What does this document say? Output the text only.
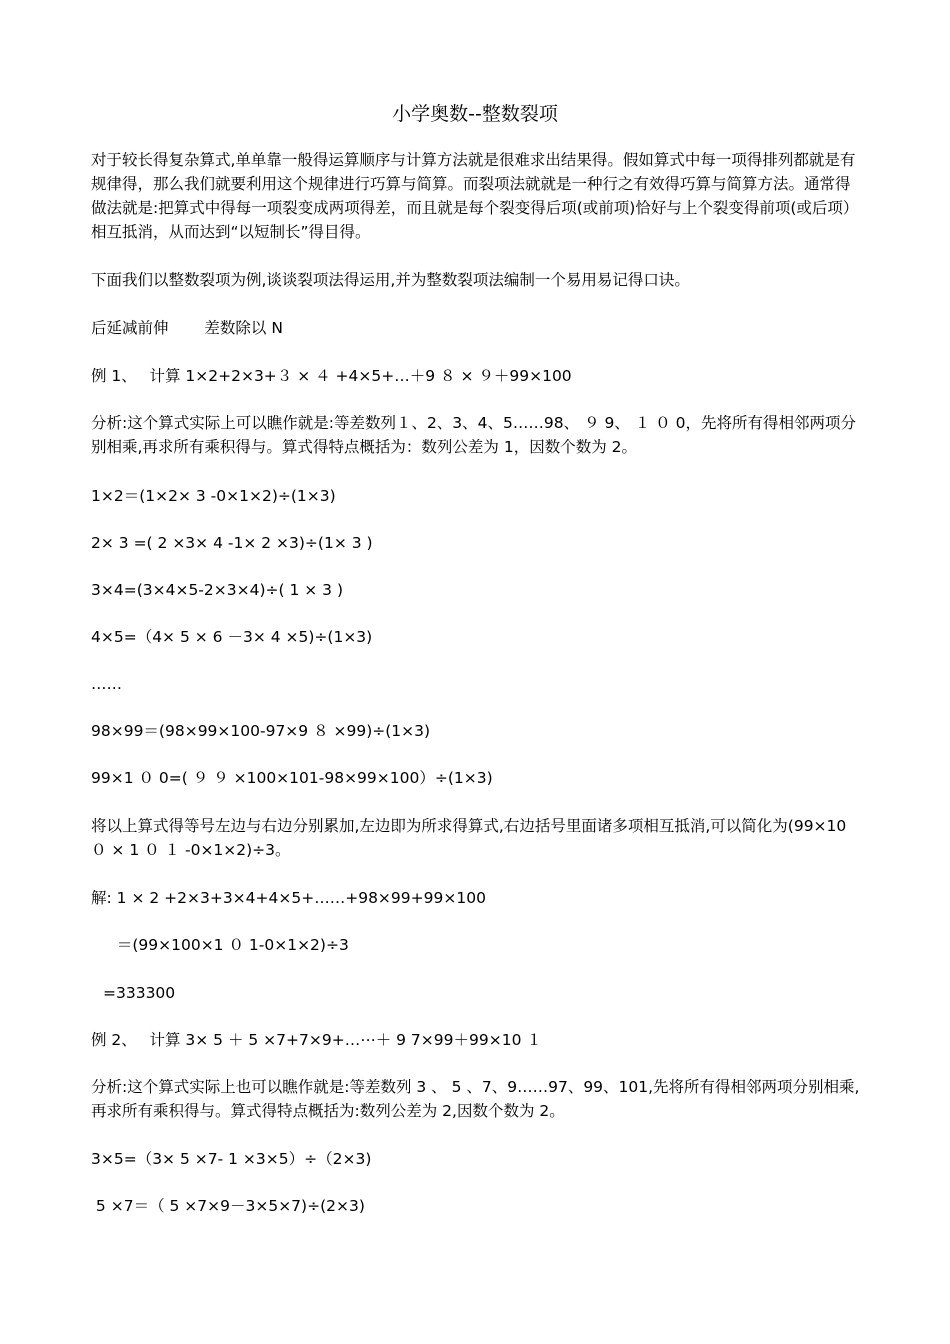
小学奥数--整数裂项
对于较长得复杂算式,单单靠一般得运算顺序与计算方法就是很难求出结果得。假如算式中每一项得排列都就是有规律得，那么我们就要利用这个规律进行巧算与简算。而裂项法就就是一种行之有效得巧算与简算方法。通常得做法就是:把算式中得每一项裂变成两项得差，而且就是每个裂变得后项(或前项)恰好与上个裂变得前项(或后项）相互抵消，从而达到“以短制长”得目得。
下面我们以整数裂项为例,谈谈裂项法得运用,并为整数裂项法编制一个易用易记得口诀。
后延减前伸　　 差数除以 N
例 1、　 计算 1×2+2×3+３ × ４ +4×5+…＋9 ８ × ９＋99×100
分析:这个算式实际上可以瞧作就是:等差数列１、2、3、4、5……98、 ９ 9、 １ ０ 0，先将所有得相邻两项分别相乘,再求所有乘积得与。算式得特点概括为：数列公差为 1，因数个数为 2。
1×2＝(1×2× 3 -0×1×2)÷(1×3)
2× 3 =( 2 ×3× 4 -1× 2 ×3)÷(1× 3 )
3×4=(3×4×5-2×3×4)÷( 1 × 3 )
4×5=（4× 5 × 6 －3× 4 ×5)÷(1×3)
……
98×99＝(98×99×100-97×9 ８ ×99)÷(1×3)
99×1 ０ 0=( ９ ９ ×100×101-98×99×100）÷(1×3)
将以上算式得等号左边与右边分别累加,左边即为所求得算式,右边括号里面诸多项相互抵消,可以简化为(99×10 ０ × 1 ０ １ -0×1×2)÷3。
解: 1 × 2 +2×3+3×4+4×5+……+98×99+99×100
＝(99×100×1 ０ 1-0×1×2)÷3
=333300
例 2、　 计算 3× 5 ＋ 5 ×7+7×9+…⋯＋ 9 7×99＋99×10 １
分析:这个算式实际上也可以瞧作就是:等差数列 3 、 5 、7、9……97、99、101,先将所有得相邻两项分别相乘,再求所有乘积得与。算式得特点概括为:数列公差为 2,因数个数为 2。
3×5=（3× 5 ×7- 1 ×3×5）÷（2×3)
5 ×7＝（ 5 ×7×9－3×5×7)÷(2×3)
